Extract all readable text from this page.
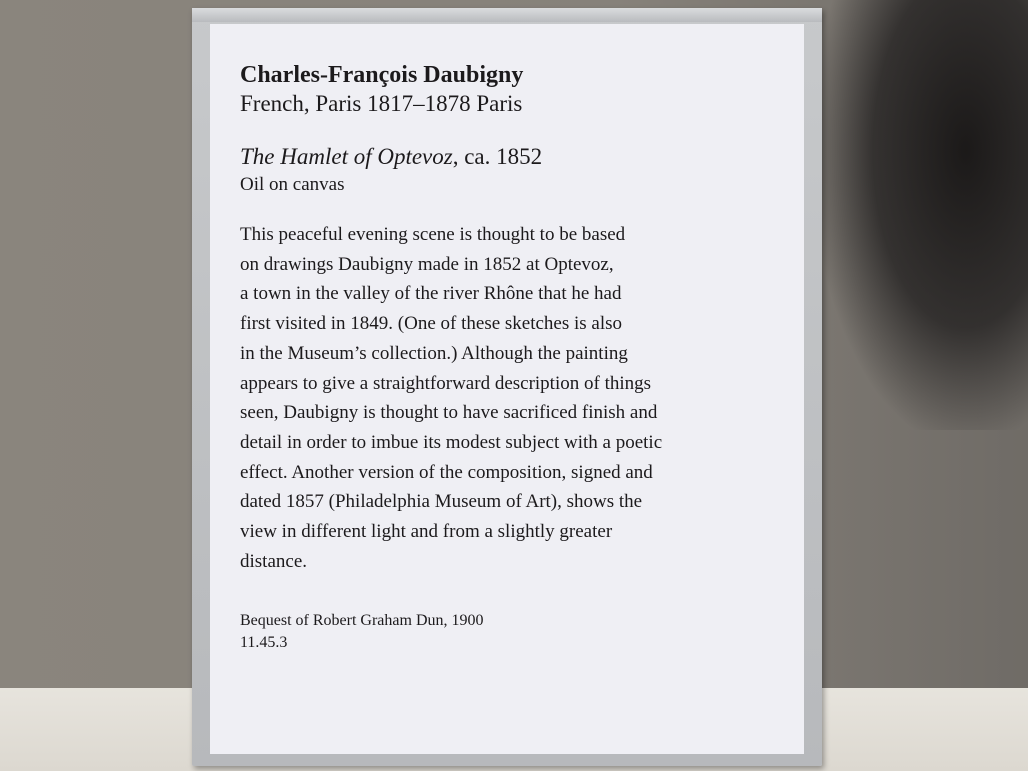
Charles-François Daubigny

French, Paris 1817–1878 Paris

The Hamlet of Optevoz, ca. 1852

Oil on canvas

This peaceful evening scene is thought to be based

on drawings Daubigny made in 1852 at Optevoz,

a town in the valley of the river Rhône that he had

first visited in 1849. (One of these sketches is also

in the Museum’s collection.) Although the painting

appears to give a straightforward description of things

seen, Daubigny is thought to have sacrificed finish and

detail in order to imbue its modest subject with a poetic

effect. Another version of the composition, signed and

dated 1857 (Philadelphia Museum of Art), shows the

view in different light and from a slightly greater

distance.

Bequest of Robert Graham Dun, 1900

11.45.3
